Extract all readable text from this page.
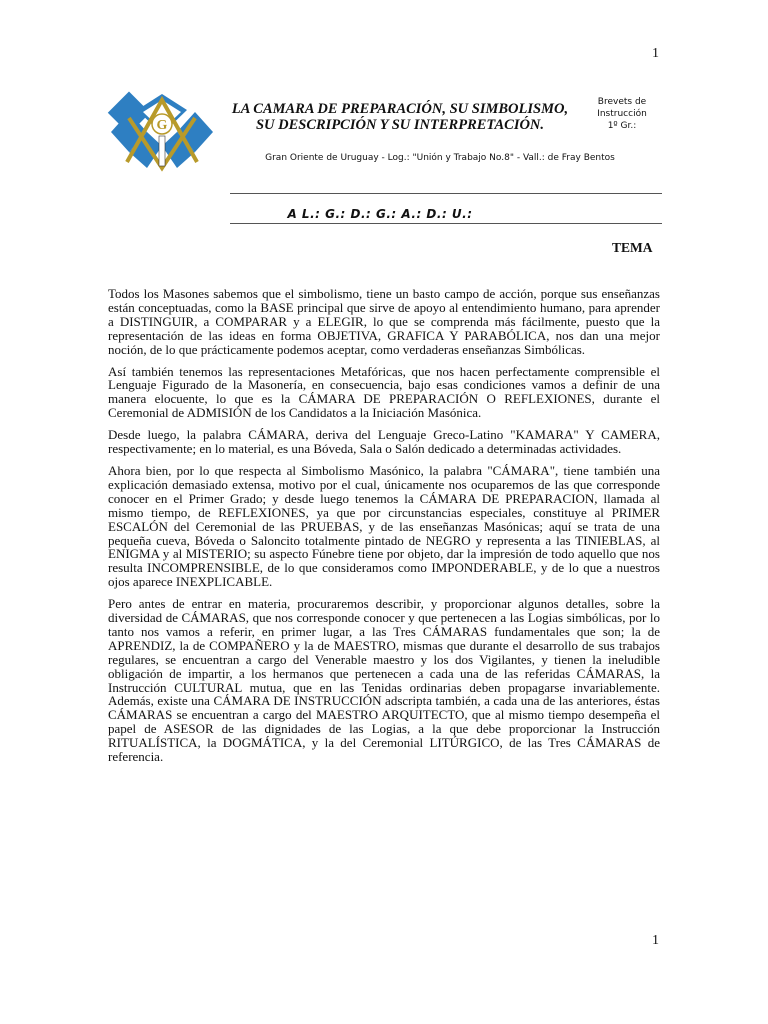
1
G
LA CAMARA DE PREPARACIÓN, SU SIMBOLISMO,
SU DESCRIPCIÓN Y SU INTERPRETACIÓN.
Brevets de
Instrucción
1º Gr.:
Gran Oriente de Uruguay - Log.: "Unión y Trabajo No.8" - Vall.: de Fray Bentos
A L.: G.: D.: G.: A.: D.: U.:
TEMA

Todos los Masones sabemos que el simbolismo, tiene un basto campo de acción, porque sus enseñanzas están conceptuadas, como la BASE principal que sirve de apoyo al entendimiento humano, para aprender a DISTINGUIR, a COMPARAR y a ELEGIR, lo que se comprenda más fácilmente, puesto que la representación de las ideas en forma OBJETIVA, GRAFICA Y PARABÓLICA, nos dan una mejor noción, de lo que prácticamente podemos aceptar, como verdaderas enseñanzas Simbólicas.

Así también tenemos las representaciones Metafóricas, que nos hacen perfectamente comprensible el Lenguaje Figurado de la Masonería, en consecuencia, bajo esas condiciones vamos a definir de una manera elocuente, lo que es la CÁMARA DE PREPARACIÓN O REFLEXIONES, durante el Ceremonial de ADMISIÓN de los Candidatos a la Iniciación Masónica.

Desde luego, la palabra CÁMARA, deriva del Lenguaje Greco-Latino "KAMARA" Y CAMERA, respectivamente; en lo material, es una Bóveda, Sala o Salón dedicado a determinadas actividades.

Ahora bien, por lo que respecta al Simbolismo Masónico, la palabra "CÁMARA", tiene también una explicación demasiado extensa, motivo por el cual, únicamente nos ocuparemos de las que corresponde conocer en el Primer Grado; y desde luego tenemos la CÁMARA DE PREPARACION, llamada al mismo tiempo, de REFLEXIONES, ya que por circunstancias especiales, constituye al PRIMER ESCALÓN del Ceremonial de las PRUEBAS, y de las enseñanzas Masónicas; aquí se trata de una pequeña cueva, Bóveda o Saloncito totalmente pintado de NEGRO y representa a las TINIEBLAS, al ENIGMA y al MISTERIO; su aspecto Fúnebre tiene por objeto, dar la impresión de todo aquello que nos resulta INCOMPRENSIBLE, de lo que consideramos como IMPONDERABLE, y de lo que a nuestros ojos aparece INEXPLICABLE.

Pero antes de entrar en materia, procuraremos describir, y proporcionar algunos detalles, sobre la diversidad de CÁMARAS, que nos corresponde conocer y que pertenecen a las Logias simbólicas, por lo tanto nos vamos a referir, en primer lugar, a las Tres CÁMARAS fundamentales que son; la de APRENDIZ, la de COMPAÑERO y la de MAESTRO, mismas que durante el desarrollo de sus trabajos regulares, se encuentran a cargo del Venerable maestro y los dos Vigilantes, y tienen la ineludible obligación de impartir, a los hermanos que pertenecen a cada una de las referidas CÁMARAS, la Instrucción CULTURAL mutua, que en las Tenidas ordinarias deben propagarse invariablemente. Además, existe una CÁMARA DE INSTRUCCIÓN adscripta también, a cada una de las anteriores, éstas CÁMARAS se encuentran a cargo del MAESTRO ARQUITECTO, que al mismo tiempo desempeña el papel de ASESOR de las dignidades de las Logias, a la que debe proporcionar la Instrucción RITUALÍSTICA, la DOGMÁTICA, y la del Ceremonial LITÚRGICO, de las Tres CÁMARAS de referencia.

1
